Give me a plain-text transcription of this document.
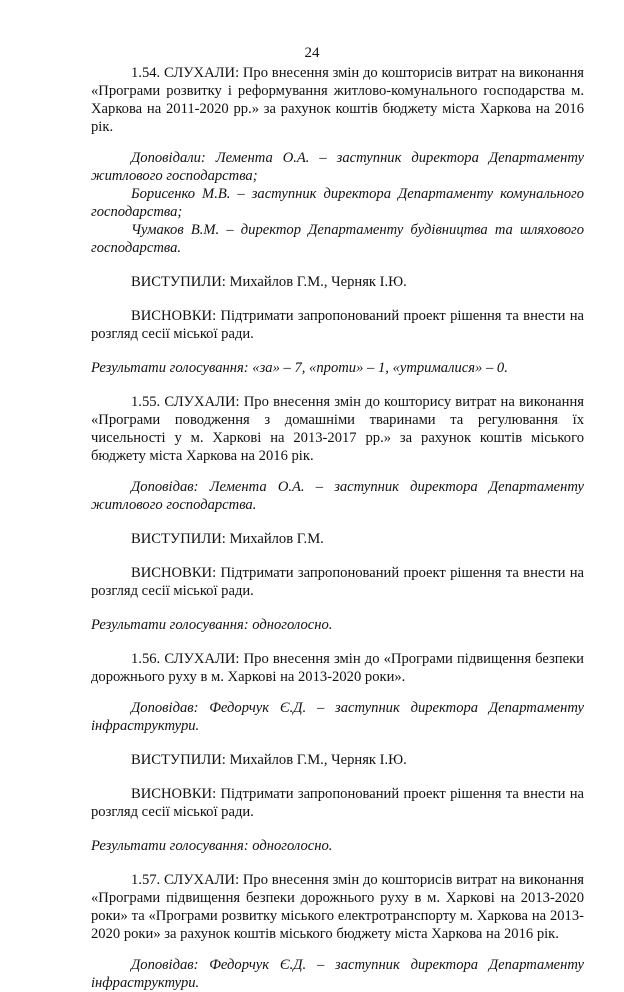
24

1.54. СЛУХАЛИ: Про внесення змін до кошторисів витрат на виконання «Програми розвитку і реформування житлово-комунального господарства м. Харкова на 2011-2020 рр.» за рахунок коштів бюджету міста Харкова на 2016 рік.

Доповідали: Лемента О.А. – заступник директора Департаменту житлового господарства;

Борисенко М.В. – заступник директора Департаменту комунального господарства;

Чумаков В.М. – директор Департаменту будівництва та шляхового господарства.

ВИСТУПИЛИ: Михайлов Г.М., Черняк І.Ю.

ВИСНОВКИ: Підтримати запропонований проект рішення та внести на розгляд сесії міської ради.

Результати голосування: «за» – 7, «проти» – 1, «утрималися» – 0.

1.55. СЛУХАЛИ: Про внесення змін до кошторису витрат на виконання «Програми поводження з домашніми тваринами та регулювання їх чисельності у м. Харкові на 2013-2017 рр.» за рахунок коштів міського бюджету міста Харкова на 2016 рік.

Доповідав: Лемента О.А. – заступник директора Департаменту житлового господарства.

ВИСТУПИЛИ: Михайлов Г.М.

ВИСНОВКИ: Підтримати запропонований проект рішення та внести на розгляд сесії міської ради.

Результати голосування: одноголосно.

1.56. СЛУХАЛИ: Про внесення змін до «Програми підвищення безпеки дорожнього руху в м. Харкові на 2013-2020 роки».

Доповідав: Федорчук Є.Д. – заступник директора Департаменту інфраструктури.

ВИСТУПИЛИ: Михайлов Г.М., Черняк І.Ю.

ВИСНОВКИ: Підтримати запропонований проект рішення та внести на розгляд сесії міської ради.

Результати голосування: одноголосно.

1.57. СЛУХАЛИ: Про внесення змін до кошторисів витрат на виконання «Програми підвищення безпеки дорожнього руху в м. Харкові на 2013-2020 роки» та «Програми розвитку міського електротранспорту м. Харкова на 2013-2020 роки» за рахунок коштів міського бюджету міста Харкова на 2016 рік.

Доповідав: Федорчук Є.Д. – заступник директора Департаменту інфраструктури.
